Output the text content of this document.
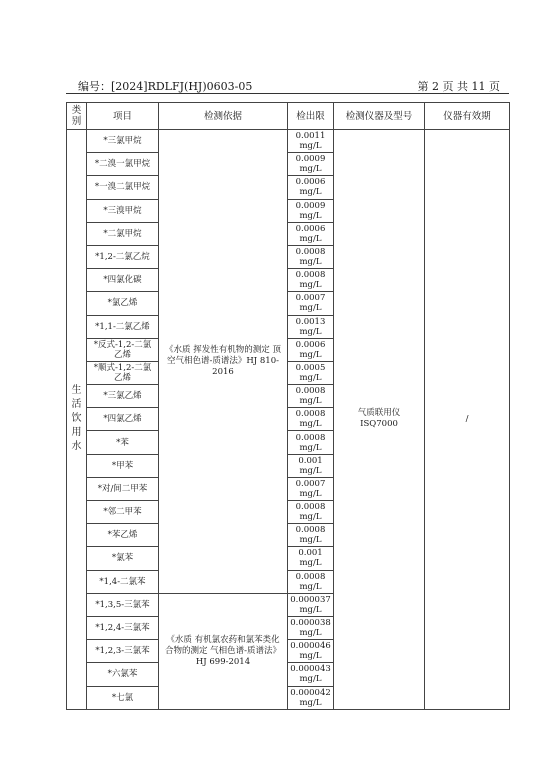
编号：[2024]RDLFJ(HJ)0603-05	第 2 页 共 11 页
类别	项目	检测依据	检出限	检测仪器及型号	仪器有效期
生活饮用水	*三氯甲烷	《水质 挥发性有机物的测定 顶空气相色谱-质谱法》HJ 810-2016	0.0011
mg/L	气质联用仪
ISQ7000	/
	*二溴一氯甲烷		0.0009
mg/L		
	*一溴二氯甲烷		0.0006
mg/L		
	*三溴甲烷		0.0009
mg/L		
	*二氯甲烷		0.0006
mg/L		
	*1,2-二氯乙烷		0.0008
mg/L		
	*四氯化碳		0.0008
mg/L		
	*氯乙烯		0.0007
mg/L		
	*1,1-二氯乙烯		0.0013
mg/L		
	*反式-1,2-二氯乙烯		0.0006
mg/L		
	*顺式-1,2-二氯乙烯		0.0005
mg/L		
	*三氯乙烯		0.0008
mg/L		
	*四氯乙烯		0.0008
mg/L		
	*苯		0.0008
mg/L		
	*甲苯		0.001
mg/L		
	*对/间二甲苯		0.0007
mg/L		
	*邻二甲苯		0.0008
mg/L		
	*苯乙烯		0.0008
mg/L		
	*氯苯		0.001
mg/L		
	*1,4-二氯苯		0.0008
mg/L		
	*1,3,5-三氯苯	《水质 有机氯农药和氯苯类化合物的测定 气相色谱-质谱法》HJ 699-2014	0.000037
mg/L		
	*1,2,4-三氯苯		0.000038
mg/L		
	*1,2,3-三氯苯		0.000046
mg/L		
	*六氯苯		0.000043
mg/L		
	*七氯		0.000042
mg/L		
